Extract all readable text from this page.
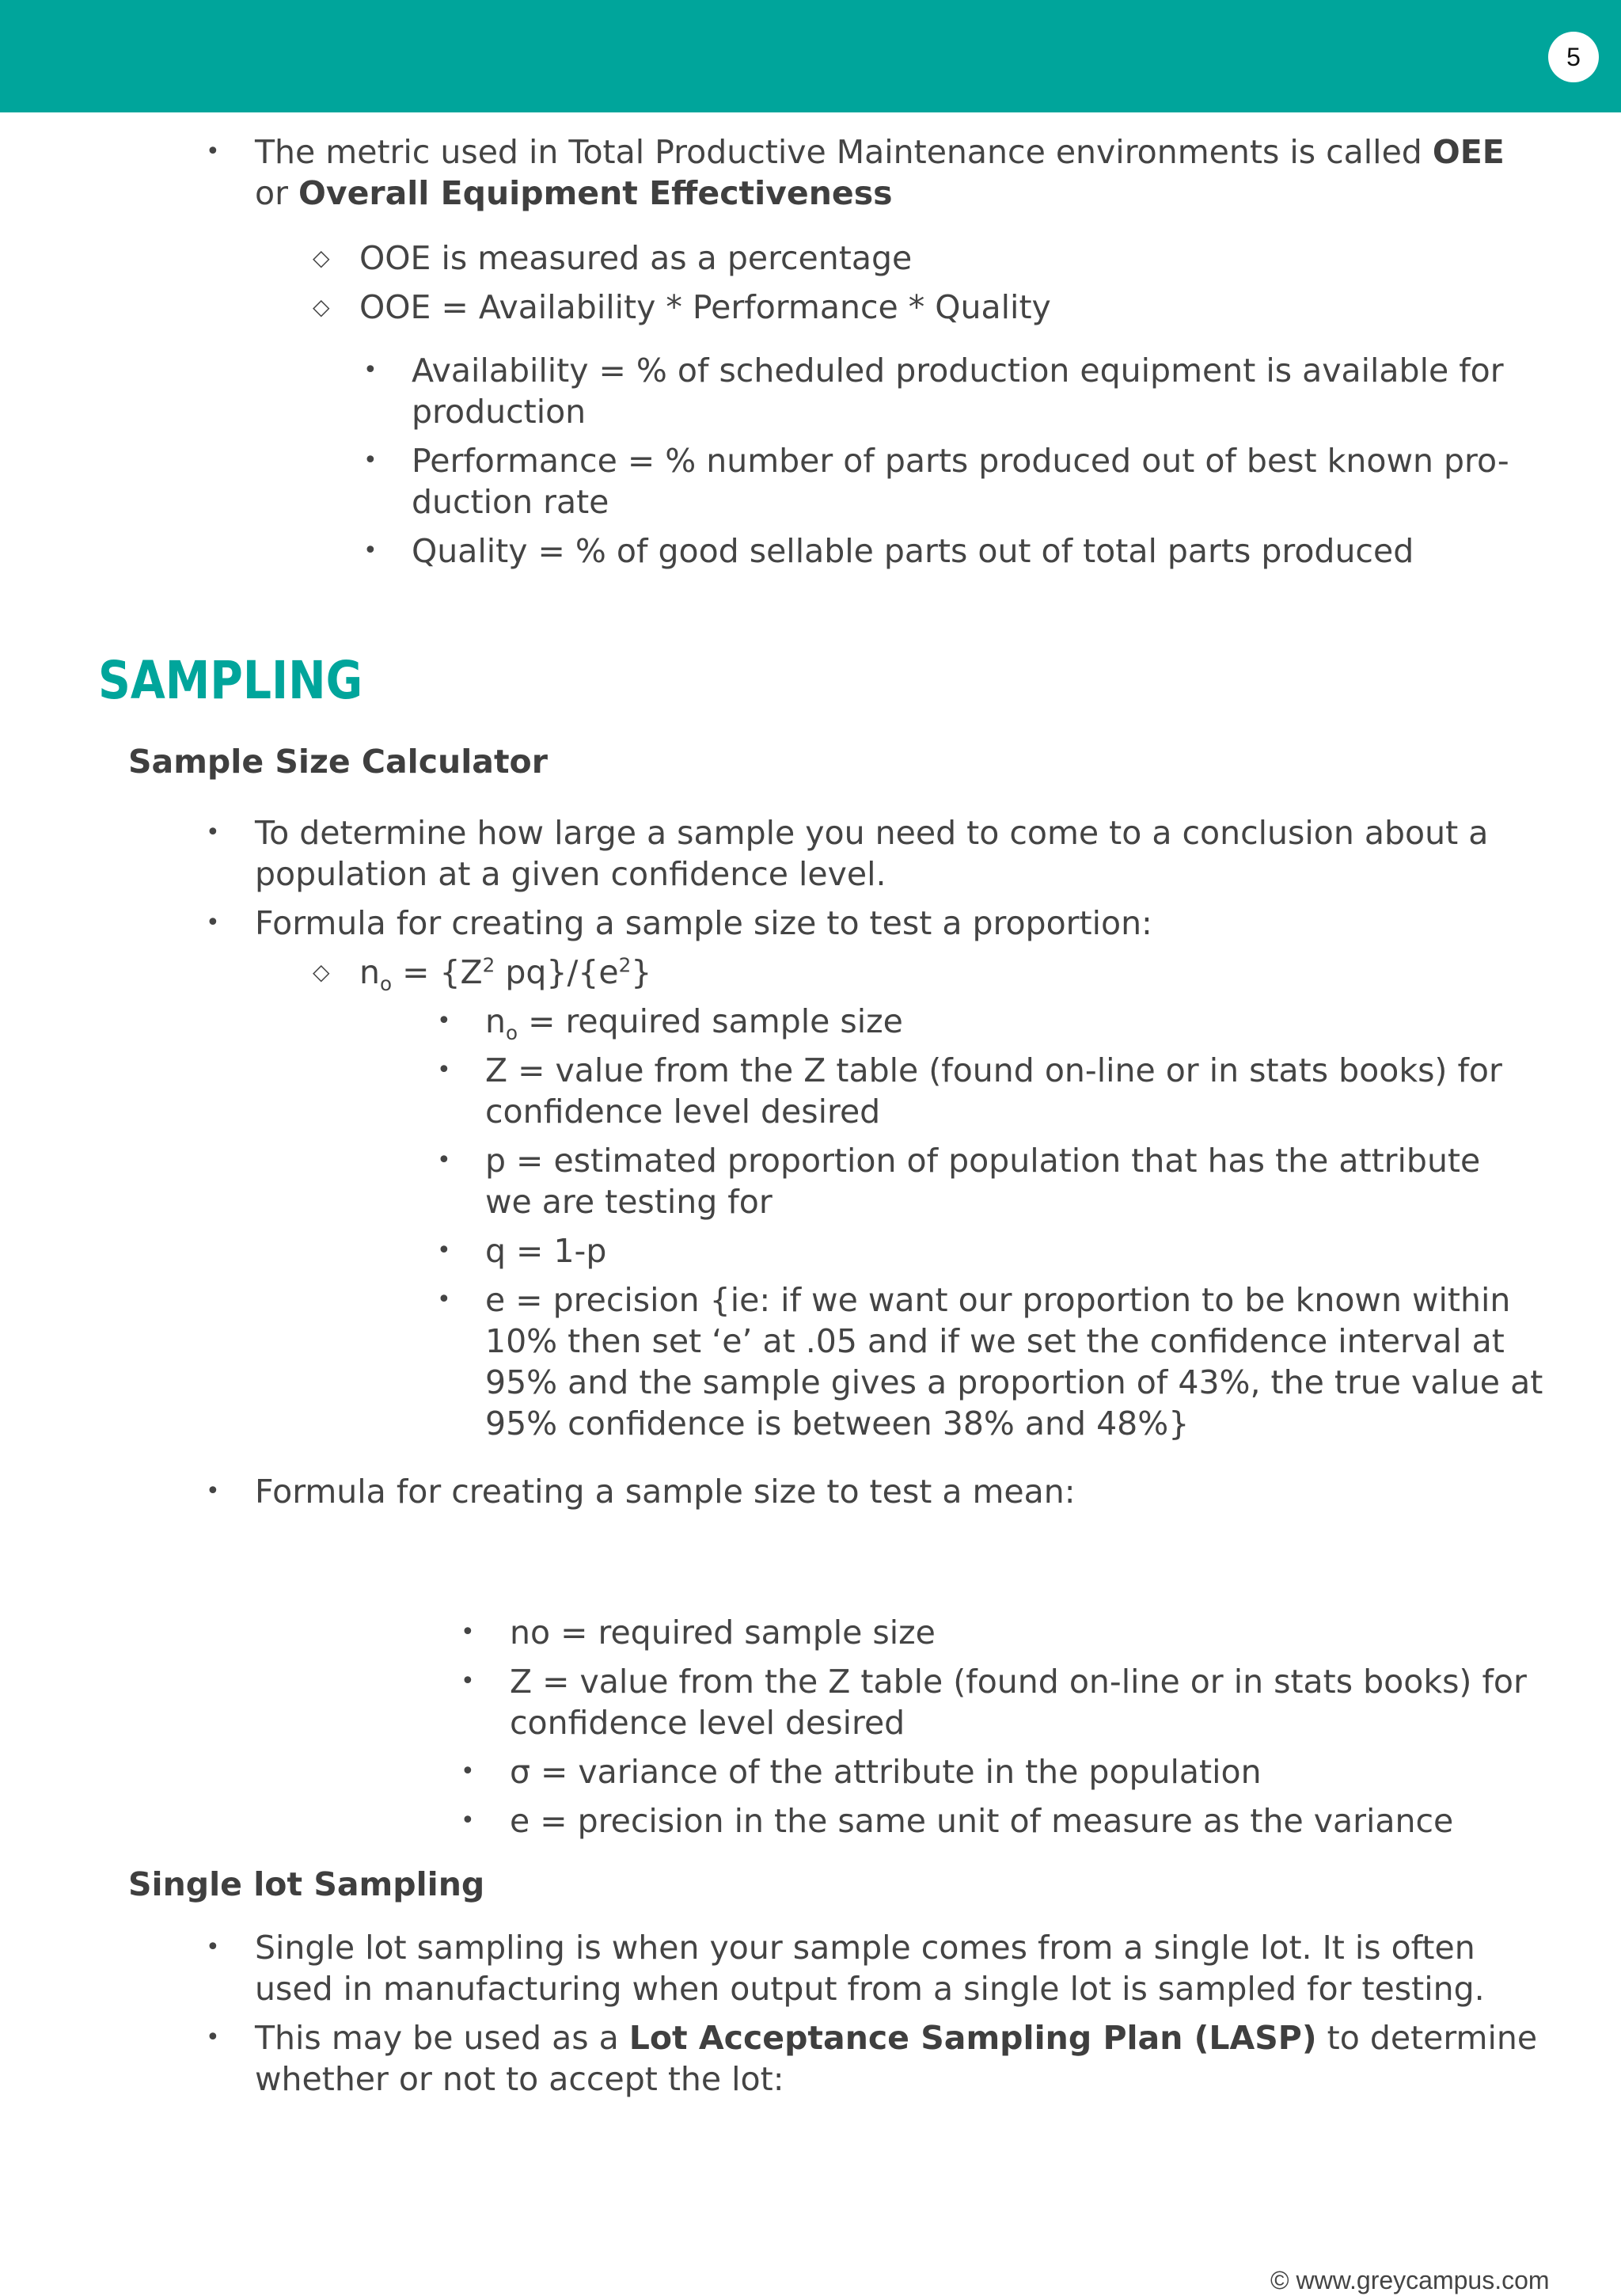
5
• The metric used in Total Productive Maintenance environments is called OEE
or Overall Equipment Effectiveness
◇ OOE is measured as a percentage
◇ OOE = Availability * Performance * Quality
• Availability = % of scheduled production equipment is available for
production
• Performance = % number of parts produced out of best known pro-
duction rate
• Quality = % of good sellable parts out of total parts produced
SAMPLING
Sample Size Calculator
• To determine how large a sample you need to come to a conclusion about a
population at a given confidence level.
• Formula for creating a sample size to test a proportion:
◇ $n_o = \{Z^2$ $pq\}/\{e^2\}$
• $n_o$ = required sample size
• Z = value from the Z table (found on-line or in stats books) for
confidence level desired
• p = estimated proportion of population that has the attribute
we are testing for
• q = 1-p
• e = precision {ie: if we want our proportion to be known within
10% then set ‘e’ at .05 and if we set the confidence interval at
95% and the sample gives a proportion of 43%, the true value at
95% confidence is between 38% and 48%}
• Formula for creating a sample size to test a mean:
• no = required sample size
• Z = value from the Z table (found on-line or in stats books) for
confidence level desired
• σ = variance of the attribute in the population
• e = precision in the same unit of measure as the variance
Single lot Sampling
• Single lot sampling is when your sample comes from a single lot. It is often
used in manufacturing when output from a single lot is sampled for testing.
• This may be used as a Lot Acceptance Sampling Plan (LASP) to determine
whether or not to accept the lot:
© www.greycampus.com
